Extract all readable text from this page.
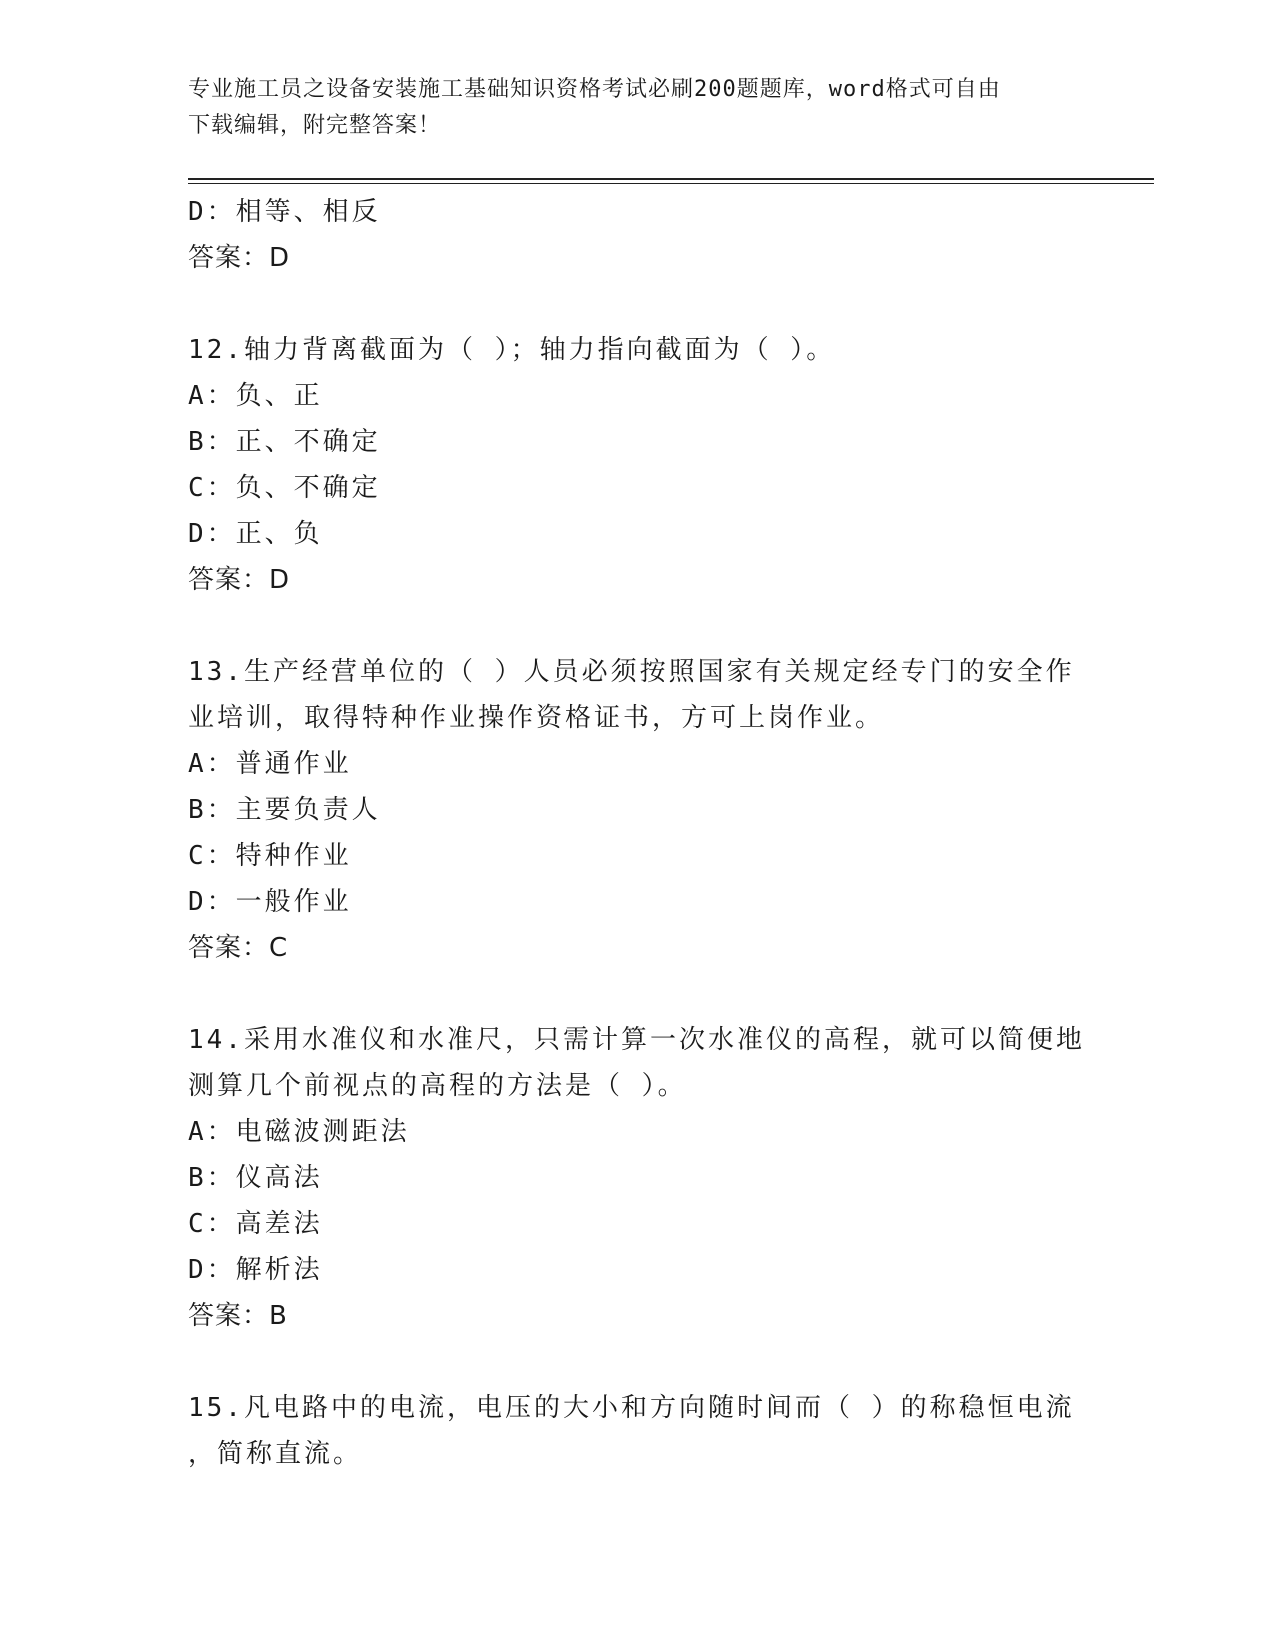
专业施工员之设备安装施工基础知识资格考试必刷200题题库，word格式可自由
下载编辑，附完整答案！
D：相等、相反
答案：D
12.轴力背离截面为（ ）；轴力指向截面为（ ）。
A：负、正
B：正、不确定
C：负、不确定
D：正、负
答案：D
13.生产经营单位的（ ）人员必须按照国家有关规定经专门的安全作
业培训，取得特种作业操作资格证书，方可上岗作业。
A：普通作业
B：主要负责人
C：特种作业
D：一般作业
答案：C
14.采用水准仪和水准尺，只需计算一次水准仪的高程，就可以简便地
测算几个前视点的高程的方法是（ ）。
A：电磁波测距法
B：仪高法
C：高差法
D：解析法
答案：B
15.凡电路中的电流，电压的大小和方向随时间而（ ）的称稳恒电流
，简称直流。
